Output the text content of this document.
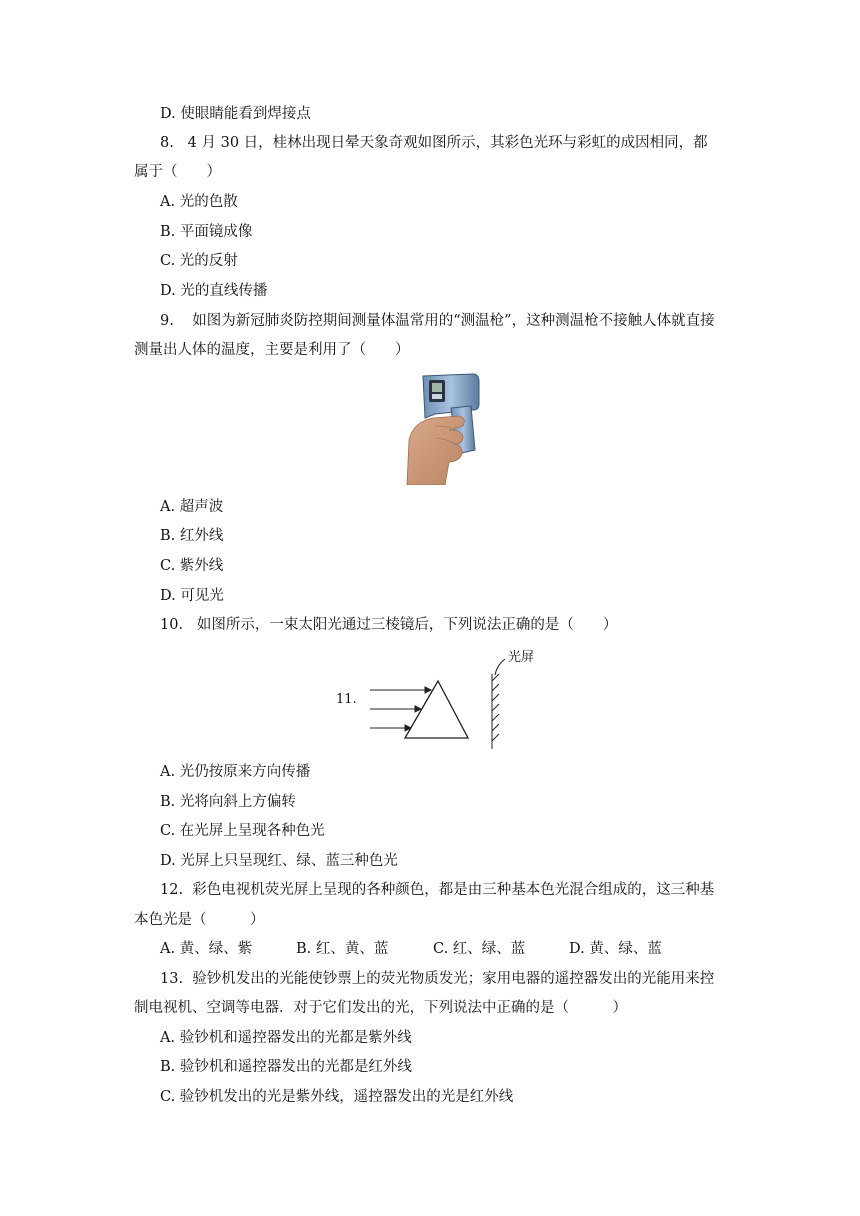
D. 使眼睛能看到焊接点
8.   4 月 30 日，桂林出现日晕天象奇观如图所示，其彩色光环与彩虹的成因相同，都
属于（　　）
A. 光的色散
B. 平面镜成像
C. 光的反射
D. 光的直线传播
9.    如图为新冠肺炎防控期间测量体温常用的“测温枪”，这种测温枪不接触人体就直接
测量出人体的温度，主要是利用了（　　）
A. 超声波
B. 红外线
C. 紫外线
D. 可见光
10.   如图所示，一束太阳光通过三棱镜后，下列说法正确的是（　　）
11.
光屏
A. 光仍按原来方向传播
B. 光将向斜上方偏转
C. 在光屏上呈现各种色光
D. 光屏上只呈现红、绿、蓝三种色光
12.  彩色电视机荧光屏上呈现的各种颜色，都是由三种基本色光混合组成的，这三种基
本色光是（　　　）
A. 黄、绿、紫	B. 红、黄、蓝	C. 红、绿、蓝	D. 黄、绿、蓝
13.  验钞机发出的光能使钞票上的荧光物质发光；家用电器的遥控器发出的光能用来控
制电视机、空调等电器．对于它们发出的光，下列说法中正确的是（　　　）
A. 验钞机和遥控器发出的光都是紫外线
B. 验钞机和遥控器发出的光都是红外线
C. 验钞机发出的光是紫外线，遥控器发出的光是红外线
